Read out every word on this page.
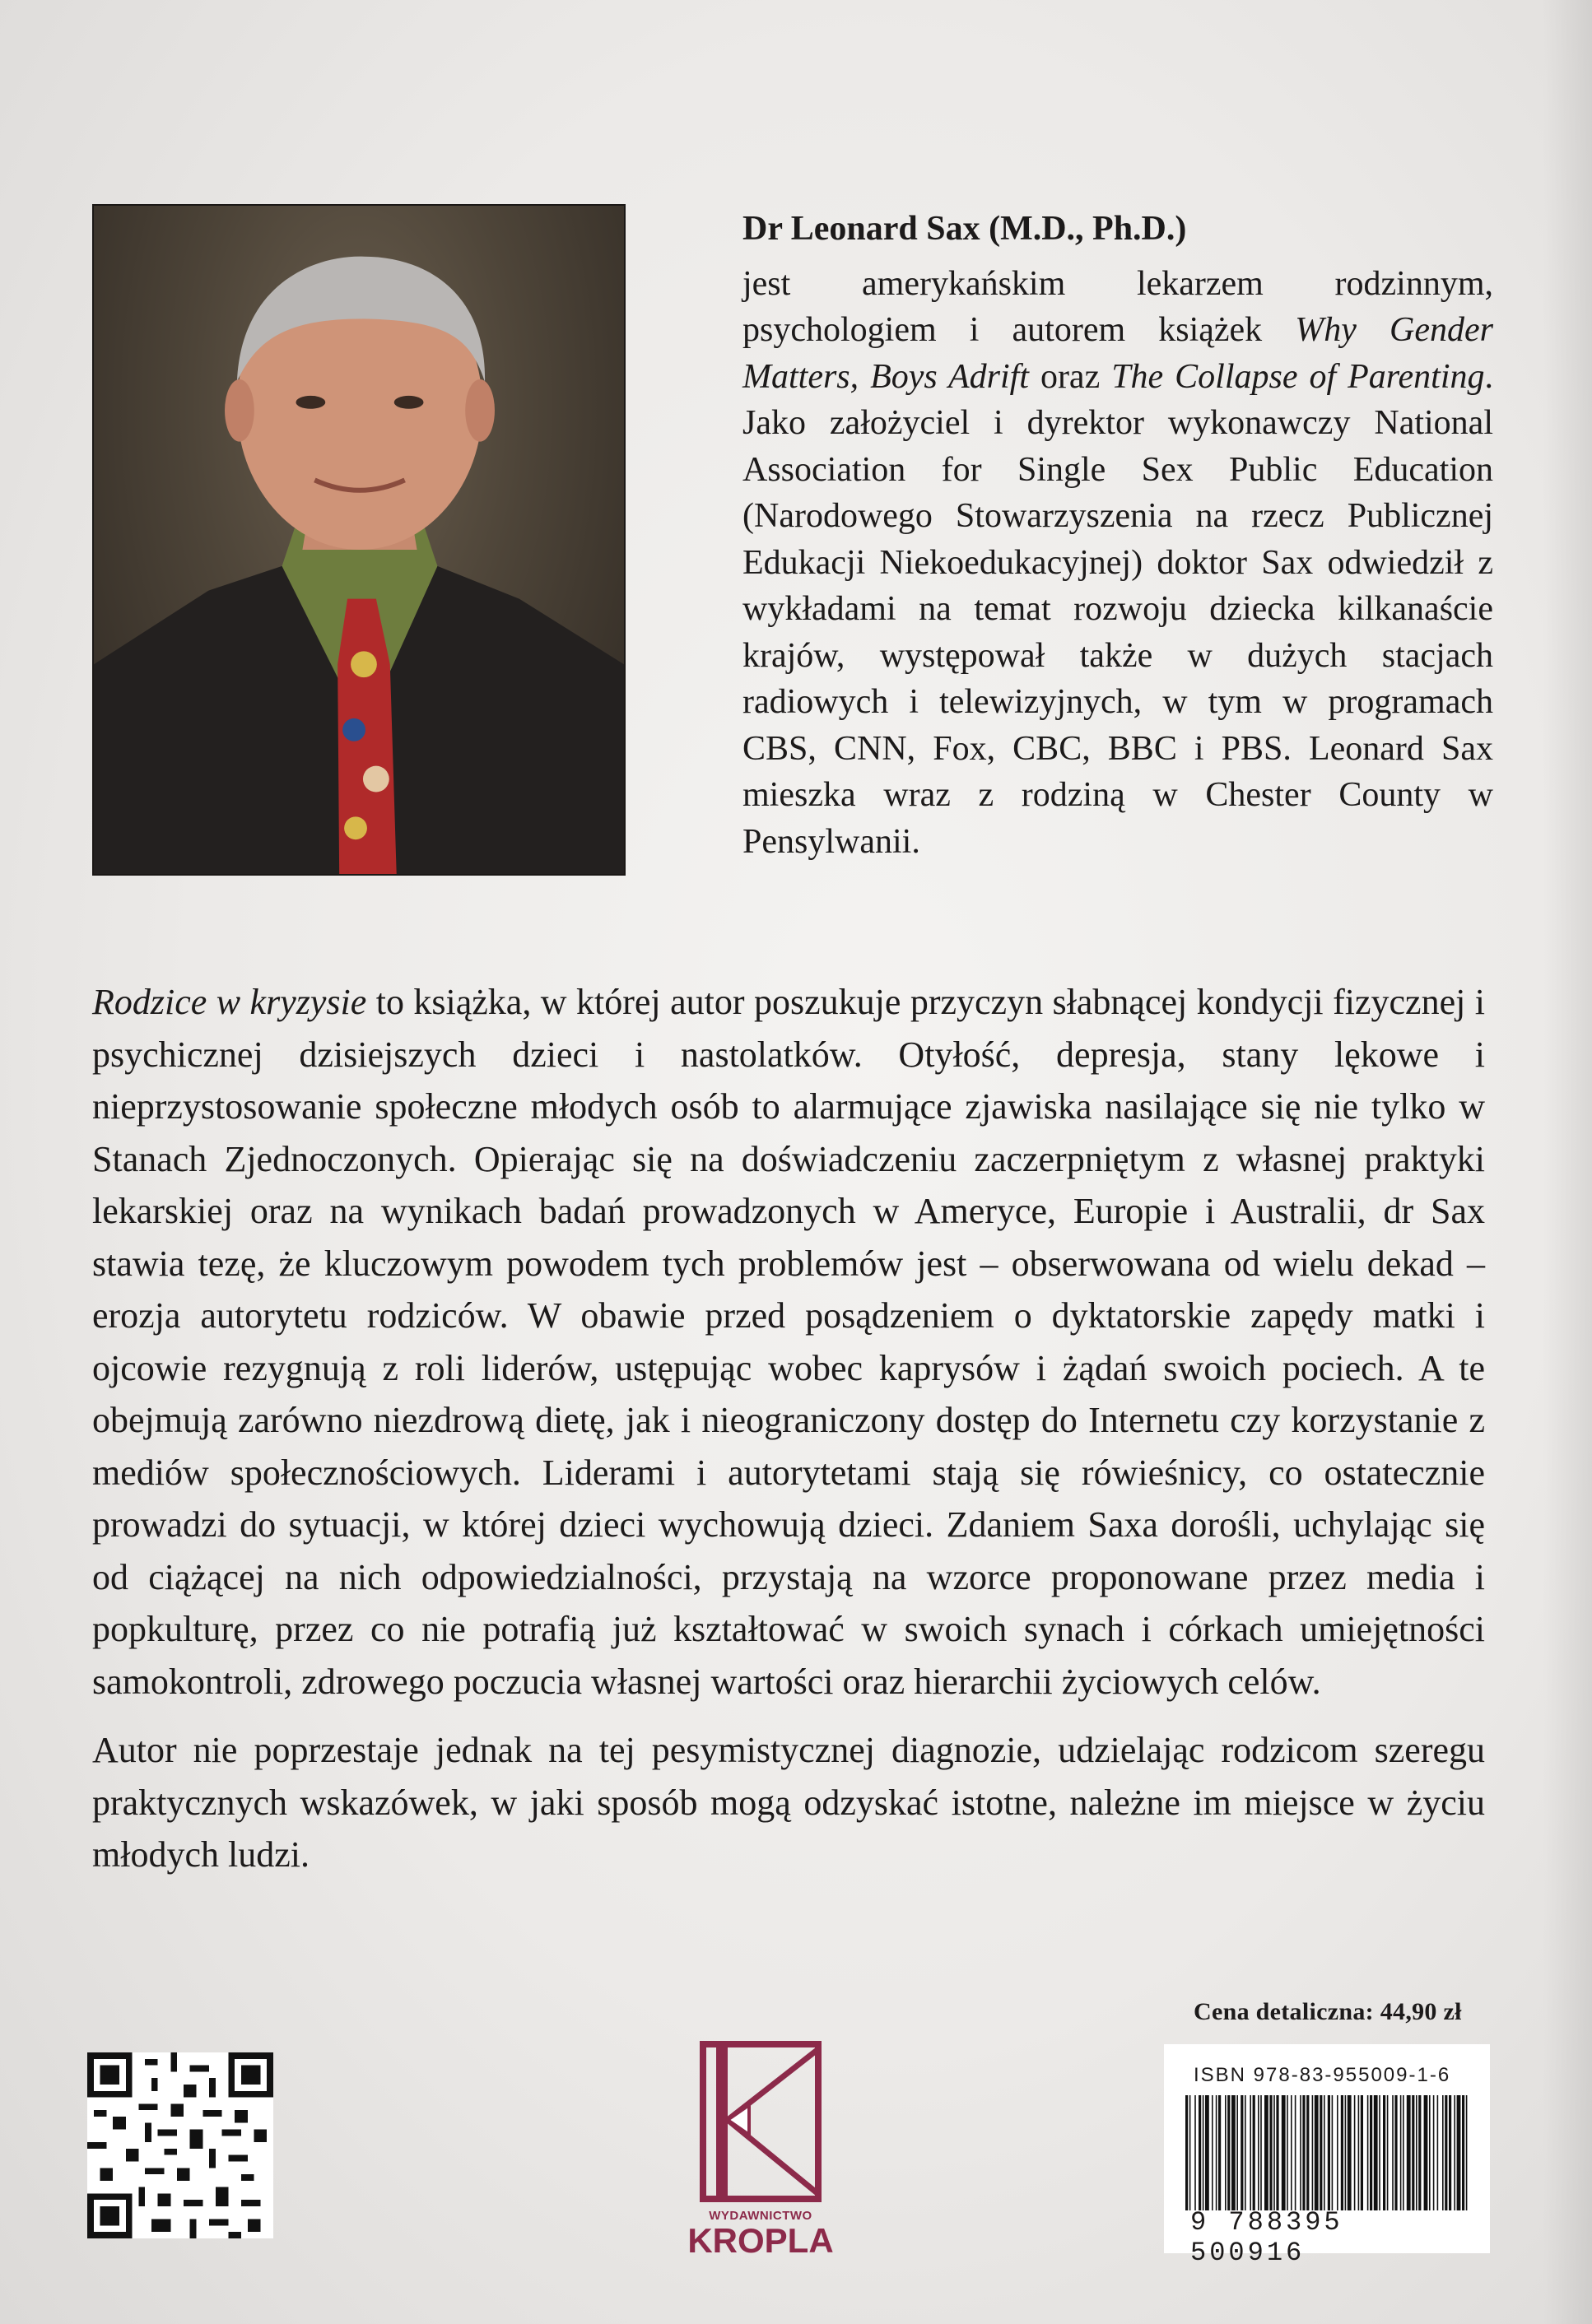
Dr Leonard Sax (M.D., Ph.D.)

jest amerykańskim lekarzem rodzinnym, psychologiem i autorem książek Why Gender Matters, Boys Adrift oraz The Collapse of Parenting. Jako założyciel i dyrektor wykonawczy National Association for Single Sex Public Education (Narodowego Stowarzyszenia na rzecz Publicznej Edukacji Niekoedukacyjnej) doktor Sax odwiedził z wykładami na temat rozwoju dziecka kilkanaście krajów, występował także w dużych stacjach radiowych i telewizyjnych, w tym w programach CBS, CNN, Fox, CBC, BBC i PBS. Leonard Sax mieszka wraz z rodziną w Chester County w Pensylwanii.

Rodzice w kryzysie to książka, w której autor poszukuje przyczyn słabnącej kondycji fizycznej i psychicznej dzisiejszych dzieci i nastolatków. Otyłość, depresja, stany lękowe i nieprzystosowanie społeczne młodych osób to alarmujące zjawiska nasilające się nie tylko w Stanach Zjednoczonych. Opierając się na doświadczeniu zaczerpniętym z własnej praktyki lekarskiej oraz na wynikach badań prowadzonych w Ameryce, Europie i Australii, dr Sax stawia tezę, że kluczowym powodem tych problemów jest – obserwowana od wielu dekad – erozja autorytetu rodziców. W obawie przed posądzeniem o dyktatorskie zapędy matki i ojcowie rezygnują z roli liderów, ustępując wobec kaprysów i żądań swoich pociech. A te obejmują zarówno niezdrową dietę, jak i nieograniczony dostęp do Internetu czy korzystanie z mediów społecznościowych. Liderami i autorytetami stają się rówieśnicy, co ostatecznie prowadzi do sytuacji, w której dzieci wychowują dzieci. Zdaniem Saxa dorośli, uchylając się od ciążącej na nich odpowiedzialności, przystają na wzorce proponowane przez media i popkulturę, przez co nie potrafią już kształtować w swoich synach i córkach umiejętności samokontroli, zdrowego poczucia własnej wartości oraz hierarchii życiowych celów.

Autor nie poprzestaje jednak na tej pesymistycznej diagnozie, udzielając rodzicom szeregu praktycznych wskazówek, w jaki sposób mogą odzyskać istotne, należne im miejsce w życiu młodych ludzi.

Cena detaliczna: 44,90 zł
WYDAWNICTWO
KROPLA
ISBN 978-83-955009-1-6
9 788395 500916
